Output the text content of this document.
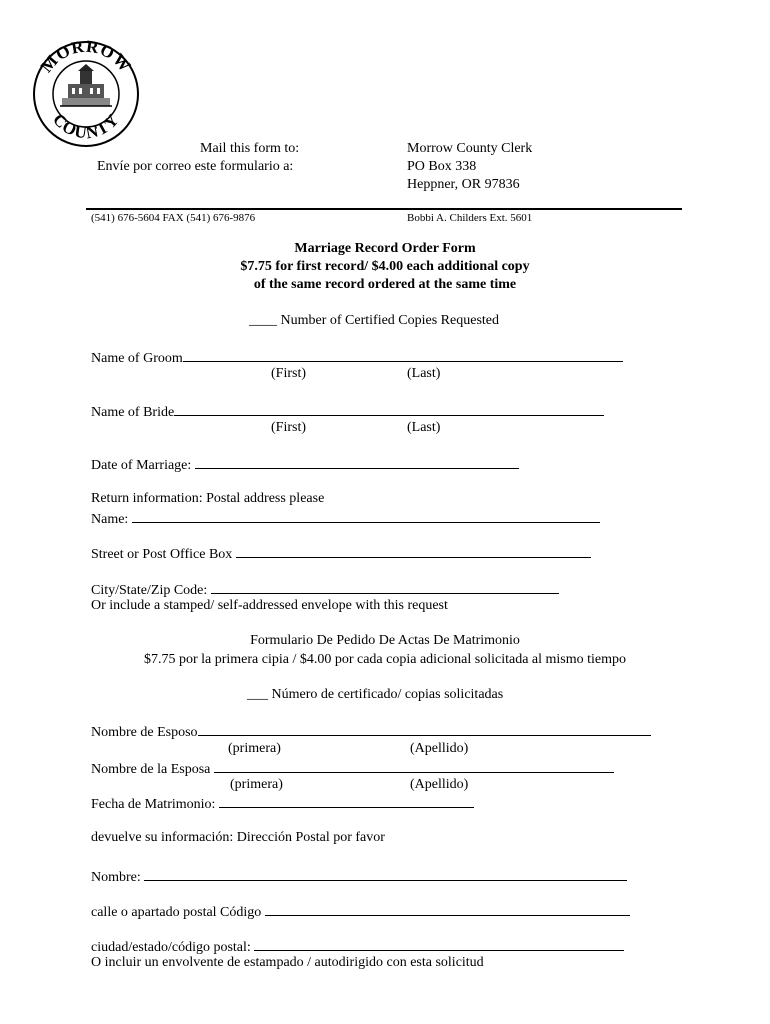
MORROW
COUNTY
Mail this form to:
Envíe por correo este formulario a:
Morrow County Clerk
PO Box 338
Heppner, OR 97836
(541) 676-5604 FAX (541) 676-9876	Bobbi A. Childers Ext. 5601
Marriage Record Order Form
$7.75 for first record/ $4.00 each additional copy
of the same record ordered at the same time
____ Number of Certified Copies Requested
Name of Groom
(First)	(Last)
Name of Bride
(First)	(Last)
Date of Marriage:
Return information: Postal address please
Name:
Street or Post Office Box
City/State/Zip Code:
Or include a stamped/ self-addressed envelope with this request
Formulario De Pedido De Actas De Matrimonio
$7.75 por la primera cipia / $4.00 por cada copia adicional solicitada al mismo tiempo
___ Número de certificado/ copias solicitadas
Nombre de Esposo
(primera)	(Apellido)
Nombre de la Esposa
(primera)	(Apellido)
Fecha de Matrimonio:
devuelve su información: Dirección Postal por favor
Nombre:
calle o apartado postal Código
ciudad/estado/código postal:
O incluir un envolvente de estampado / autodirigido con esta solicitud
